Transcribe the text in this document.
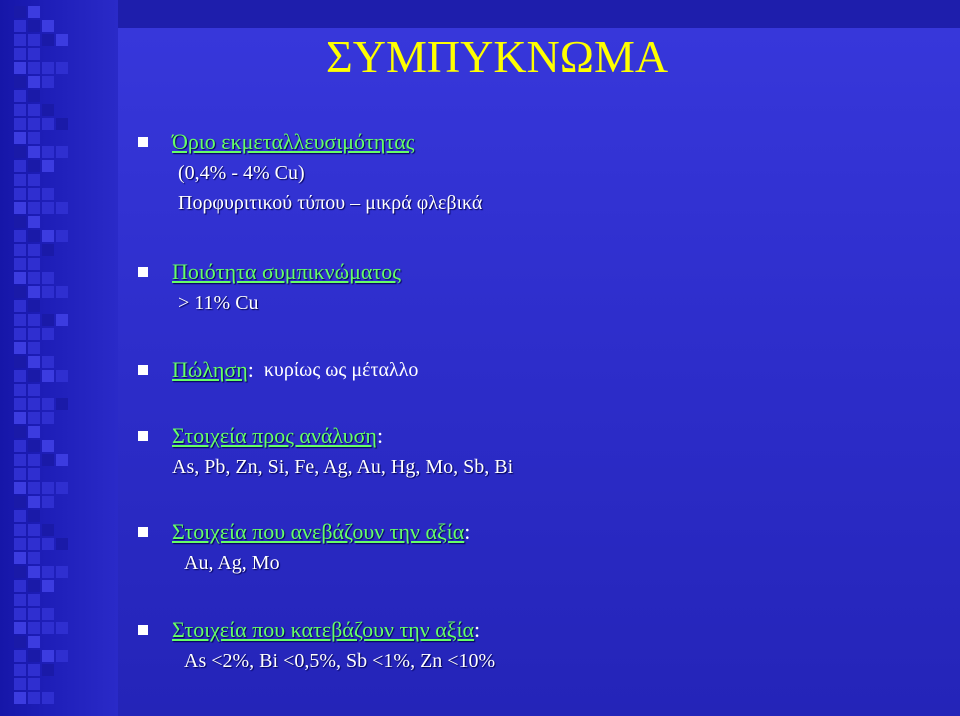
ΣΥΜΠΥΚΝΩΜΑ
Όριο εκμεταλλευσιμότητας
(0,4% - 4% Cu)
Πορφυριτικού τύπου – μικρά φλεβικά
Ποιότητα συμπικνώματος
> 11% Cu
Πώληση : κυρίως ως μέταλλο
Στοιχεία προς ανάλυση :
As, Pb, Zn, Si, Fe, Ag, Au, Hg, Mo, Sb, Bi
Στοιχεία που ανεβάζουν την αξία :
Au, Ag, Mo
Στοιχεία που κατεβάζουν την αξία :
As <2%, Bi <0,5%, Sb <1%, Zn <10%
